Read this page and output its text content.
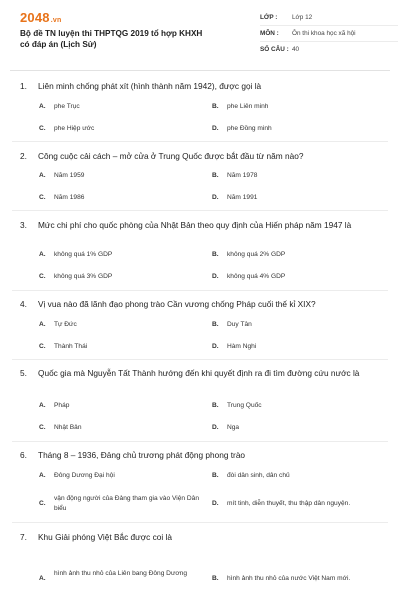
2048.vn
Bộ đề TN luyện thi THPTQG 2019 tổ hợp KHXH có đáp án (Lịch Sử)
LỚP :	Lớp 12
MÔN :	Ôn thi khoa học xã hội
SỐ CÂU : 40
1.	Liên minh chống phát xít (hình thành năm 1942), được gọi là
A.	phe Trục	B.	phe Liên minh
C.	phe Hiệp ước	D.	phe Đồng minh
2.	Công cuộc cải cách – mở cửa ở Trung Quốc được bắt đầu từ năm nào?
A.	Năm 1959	B.	Năm 1978
C.	Năm 1986	D.	Năm 1991
3.	Mức chi phí cho quốc phòng của Nhật Bản theo quy định của Hiến pháp năm 1947 là
A.	không quá 1% GDP	B.	không quá 2% GDP
C.	không quá 3% GDP	D.	không quá 4% GDP
4.	Vị vua nào đã lãnh đạo phong trào Cần vương chống Pháp cuối thế kỉ XIX?
A.	Tự Đức	B.	Duy Tân
C.	Thành Thái	D.	Hàm Nghi
5.	Quốc gia mà Nguyễn Tất Thành hướng đến khi quyết định ra đi tìm đường cứu nước là
A.	Pháp	B.	Trung Quốc
C.	Nhật Bản	D.	Nga
6.	Tháng 8 – 1936, Đảng chủ trương phát động phong trào
A.	Đông Dương Đại hội	B.	đòi dân sinh, dân chủ
C.
vận động người của Đảng tham gia vào Viện Dân biểu
D.	mít tinh, diễn thuyết, thu thập dân nguyện.
7.	Khu Giải phóng Việt Bắc được coi là
A.
hình ảnh thu nhỏ của Liên bang Đông Dương
B.	hình ảnh thu nhỏ của nước Việt Nam mới.
